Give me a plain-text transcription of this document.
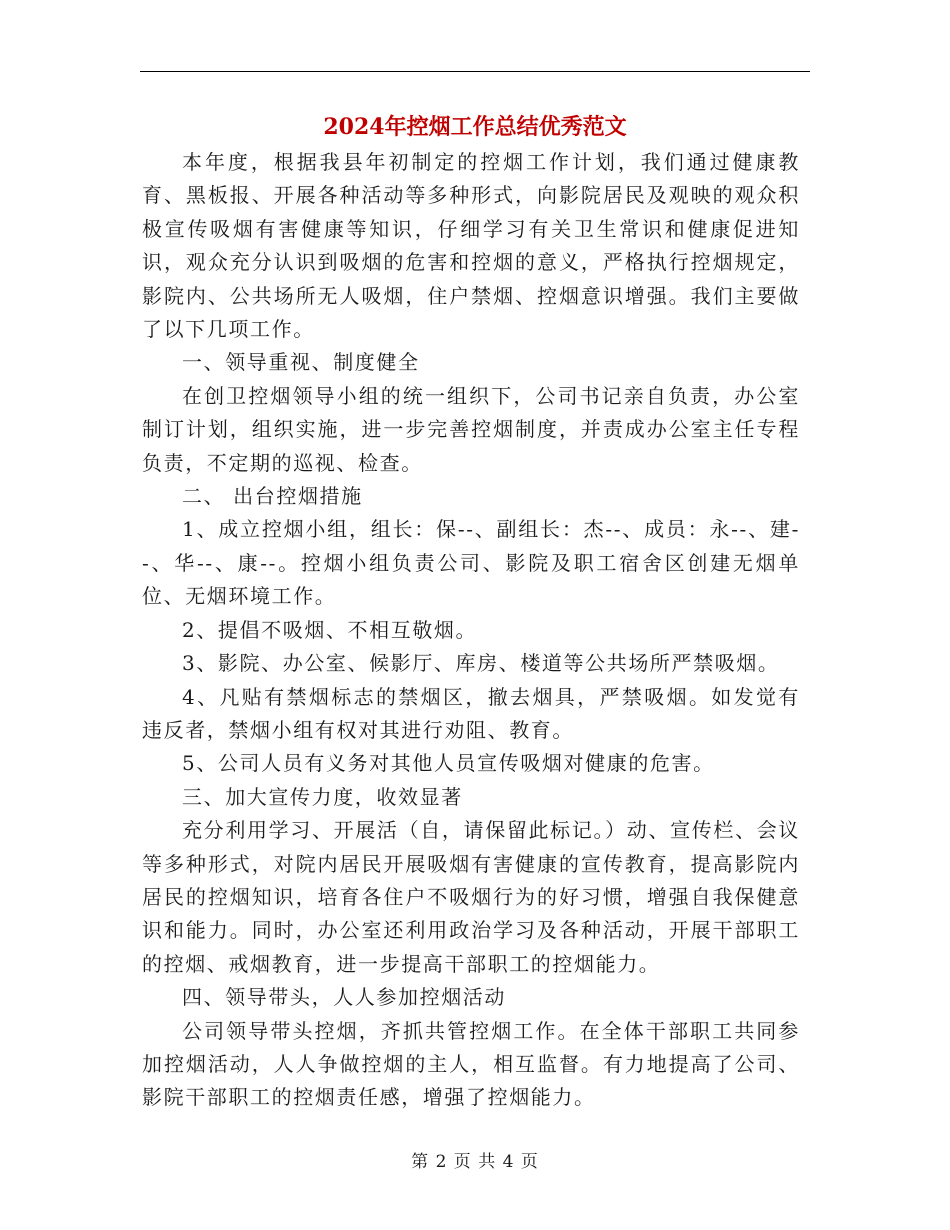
2024年控烟工作总结优秀范文

本年度，根据我县年初制定的控烟工作计划，我们通过健康教育、黑板报、开展各种活动等多种形式，向影院居民及观映的观众积极宣传吸烟有害健康等知识，仔细学习有关卫生常识和健康促进知识，观众充分认识到吸烟的危害和控烟的意义，严格执行控烟规定，影院内、公共场所无人吸烟，住户禁烟、控烟意识增强。我们主要做了以下几项工作。

一、领导重视、制度健全

在创卫控烟领导小组的统一组织下，公司书记亲自负责，办公室制订计划，组织实施，进一步完善控烟制度，并责成办公室主任专程负责，不定期的巡视、检查。

二、 出台控烟措施

1、成立控烟小组，组长：保--、副组长：杰--、成员：永--、建--、华--、康--。控烟小组负责公司、影院及职工宿舍区创建无烟单位、无烟环境工作。

2、提倡不吸烟、不相互敬烟。

3、影院、办公室、候影厅、库房、楼道等公共场所严禁吸烟。

4、凡贴有禁烟标志的禁烟区，撤去烟具，严禁吸烟。如发觉有违反者，禁烟小组有权对其进行劝阻、教育。

5、公司人员有义务对其他人员宣传吸烟对健康的危害。

三、加大宣传力度，收效显著

充分利用学习、开展活（自，请保留此标记。）动、宣传栏、会议等多种形式，对院内居民开展吸烟有害健康的宣传教育，提高影院内居民的控烟知识，培育各住户不吸烟行为的好习惯，增强自我保健意识和能力。同时，办公室还利用政治学习及各种活动，开展干部职工的控烟、戒烟教育，进一步提高干部职工的控烟能力。

四、领导带头，人人参加控烟活动

公司领导带头控烟，齐抓共管控烟工作。在全体干部职工共同参加控烟活动，人人争做控烟的主人，相互监督。有力地提高了公司、影院干部职工的控烟责任感，增强了控烟能力。

第 2 页 共 4 页
